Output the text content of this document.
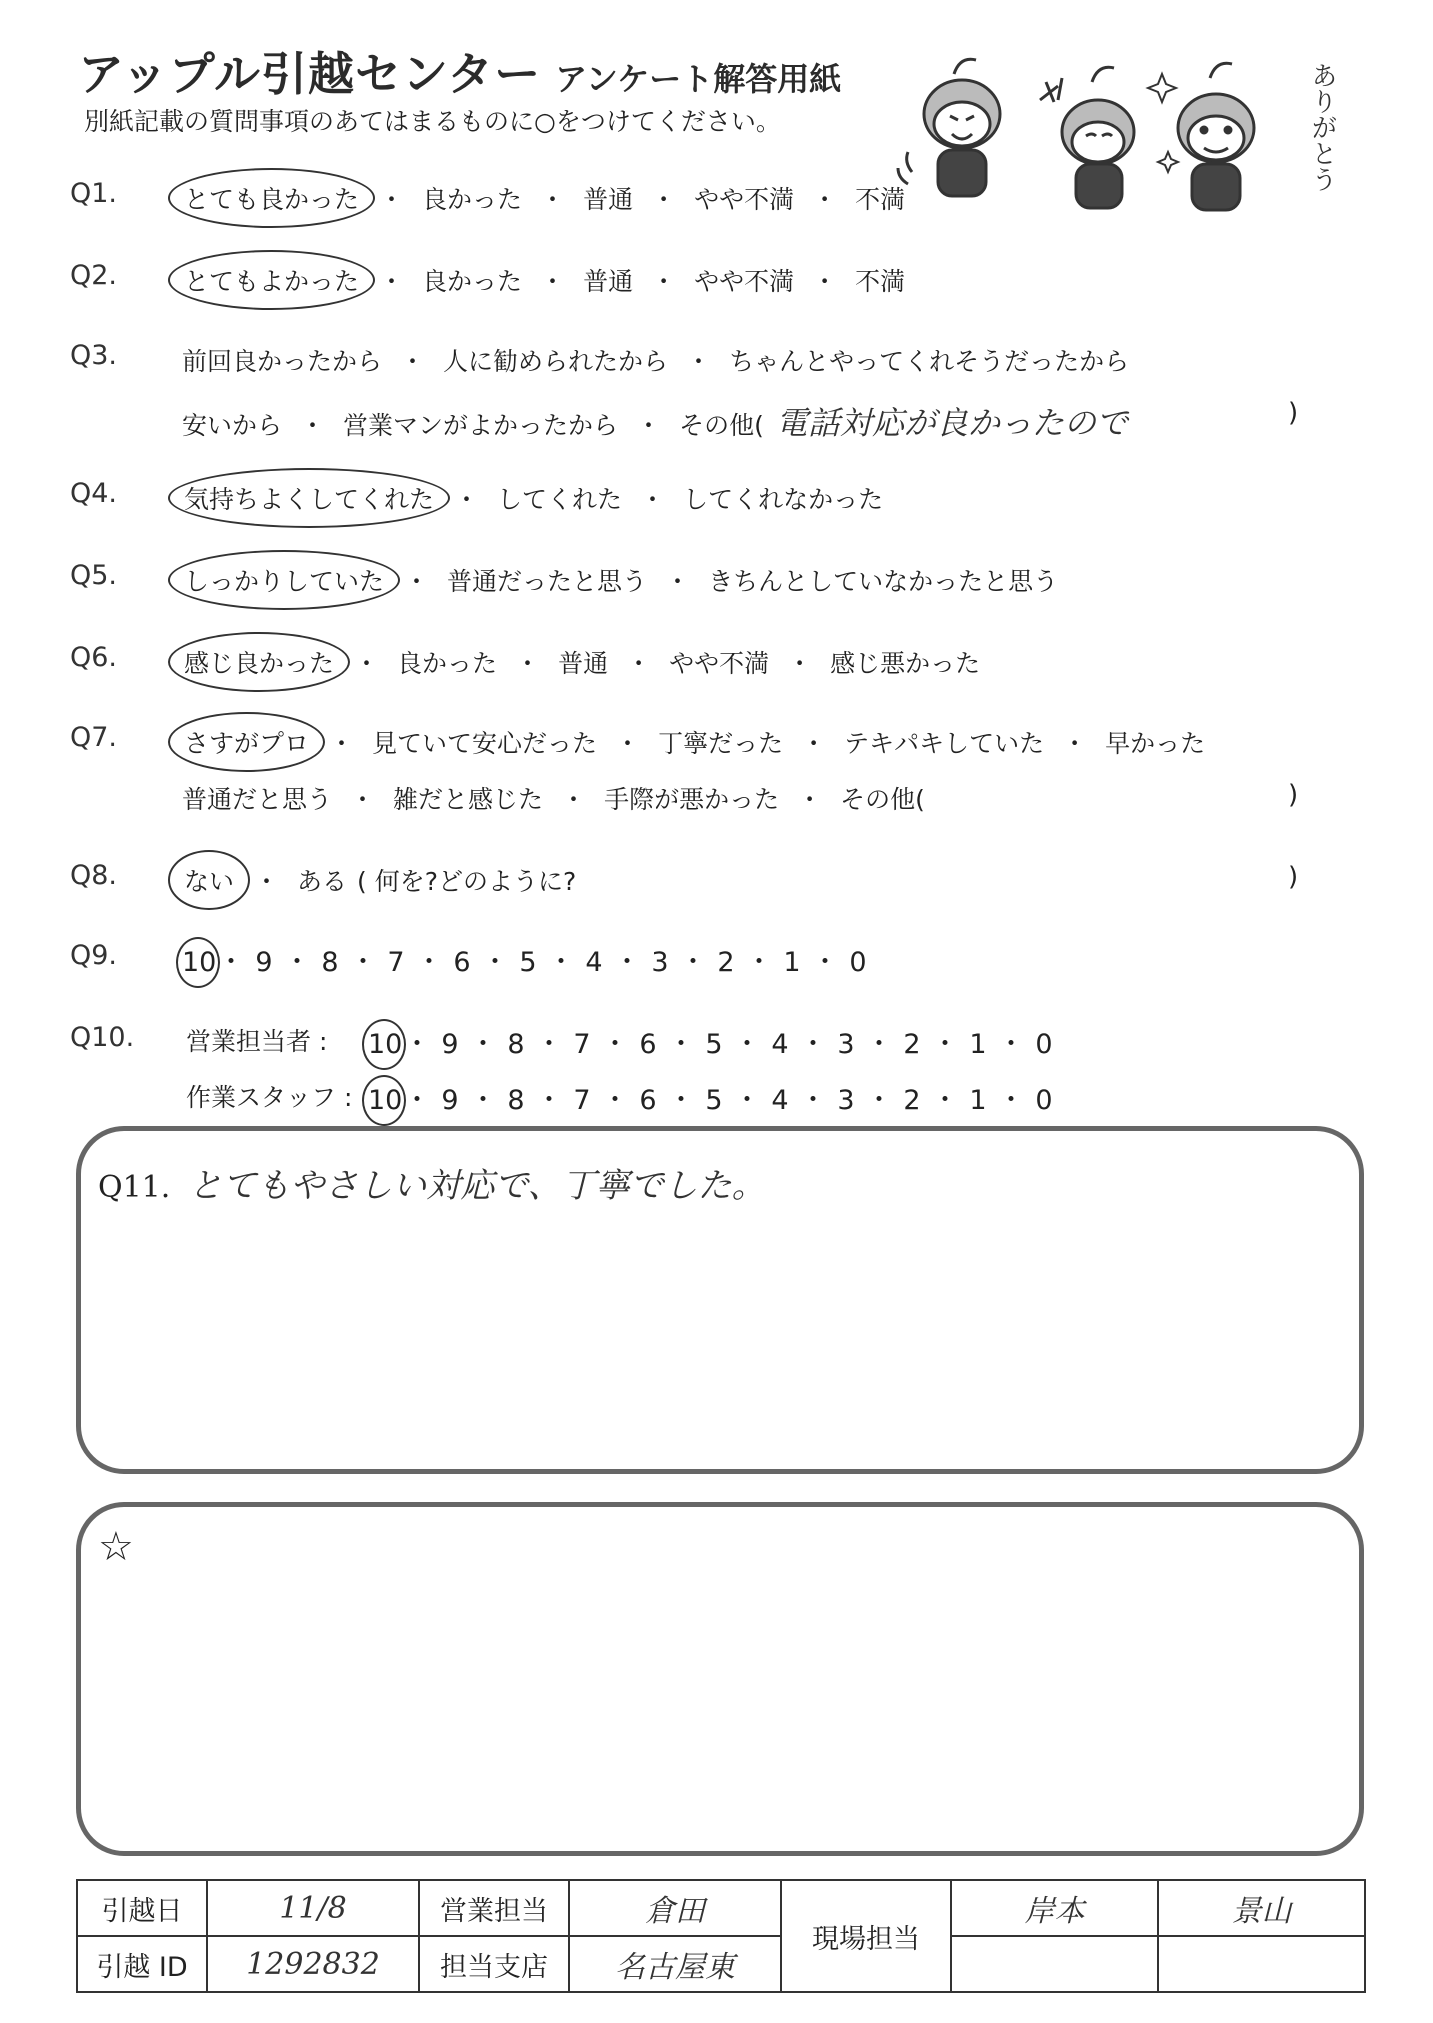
アップル引越センター アンケート解答用紙
別紙記載の質問事項のあてはまるものに○をつけてください。	ありがとう
Q1.	とても良かった ・ 良かった ・ 普通 ・ やや不満 ・ 不満
Q2.	とてもよかった ・ 良かった ・ 普通 ・ やや不満 ・ 不満
Q3.	前回良かったから ・ 人に勧められたから ・ ちゃんとやってくれそうだったから
安いから ・ 営業マンがよかったから ・ その他( 電話対応が良かったので	)
Q4.	気持ちよくしてくれた ・ してくれた ・ してくれなかった
Q5.	しっかりしていた ・ 普通だったと思う ・ きちんとしていなかったと思う
Q6.	感じ良かった ・ 良かった ・ 普通 ・ やや不満 ・ 感じ悪かった
Q7.	さすがプロ ・ 見ていて安心だった ・ 丁寧だった ・ テキパキしていた ・ 早かった
普通だと思う ・ 雑だと感じた ・ 手際が悪かった ・ その他(	)
Q8.	ない ・ ある ( 何を?どのように?	)
Q9. 10・ 9 ・ 8 ・ 7 ・ 6 ・ 5 ・ 4 ・ 3 ・ 2 ・ 1 ・ 0
Q10. 営業担当者 : 10・ 9 ・ 8 ・ 7 ・ 6 ・ 5 ・ 4 ・ 3 ・ 2 ・ 1 ・ 0
作業スタッフ : 10・ 9 ・ 8 ・ 7 ・ 6 ・ 5 ・ 4 ・ 3 ・ 2 ・ 1 ・ 0
Q11. とてもやさしい対応で、丁寧でした。
☆
引越日	11/8	営業担当	倉田	現場担当	岸本	景山
引越 ID	1292832	担当支店	名古屋東			
